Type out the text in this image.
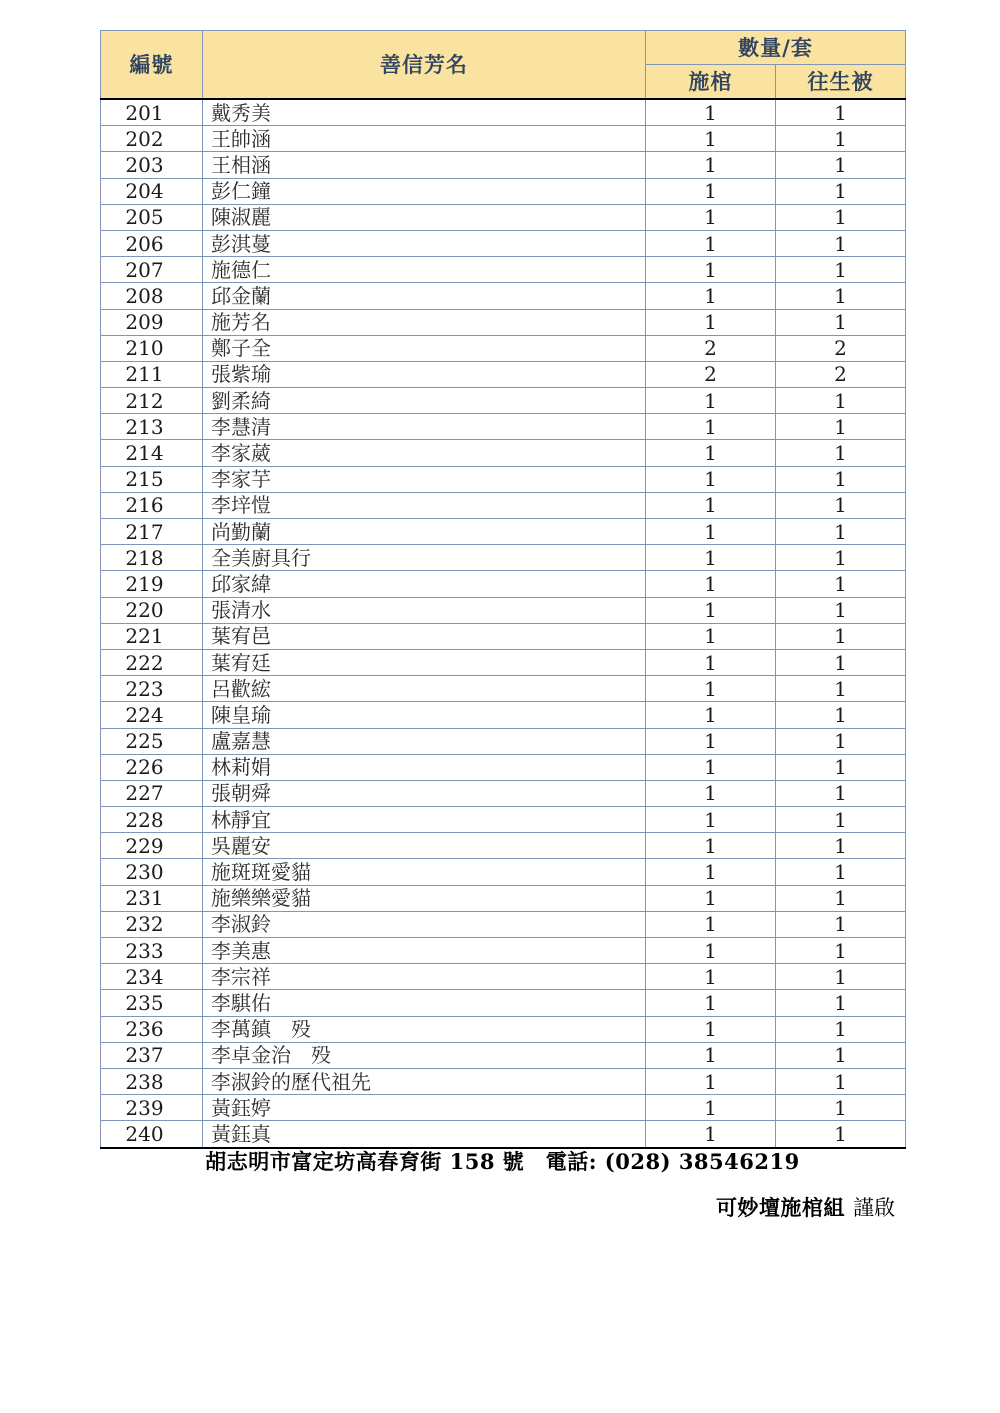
編號	善信芳名	數量/套	
		施棺	往生被
201	戴秀美	1	1
202	王帥涵	1	1
203	王相涵	1	1
204	彭仁鐘	1	1
205	陳淑麗	1	1
206	彭淇蔓	1	1
207	施德仁	1	1
208	邱金蘭	1	1
209	施芳名	1	1
210	鄭子全	2	2
211	張紫瑜	2	2
212	劉柔綺	1	1
213	李慧清	1	1
214	李家葳	1	1
215	李家芋	1	1
216	李垶愷	1	1
217	尚勤蘭	1	1
218	全美廚具行	1	1
219	邱家緯	1	1
220	張清水	1	1
221	葉宥邑	1	1
222	葉宥廷	1	1
223	呂歡綋	1	1
224	陳皇瑜	1	1
225	盧嘉慧	1	1
226	林莉娟	1	1
227	張朝舜	1	1
228	林靜宜	1	1
229	吳麗安	1	1
230	施斑斑愛貓	1	1
231	施樂樂愛貓	1	1
232	李淑鈴	1	1
233	李美惠	1	1
234	李宗祥	1	1
235	李騏佑	1	1
236	李萬鎮　殁	1	1
237	李卓金治　殁	1	1
238	李淑鈴的歷代祖先	1	1
239	黃鈺婷	1	1
240	黃鈺真	1	1
胡志明市富定坊高春育街 158 號　電話: (028) 38546219
可妙壇施棺組 謹啟
